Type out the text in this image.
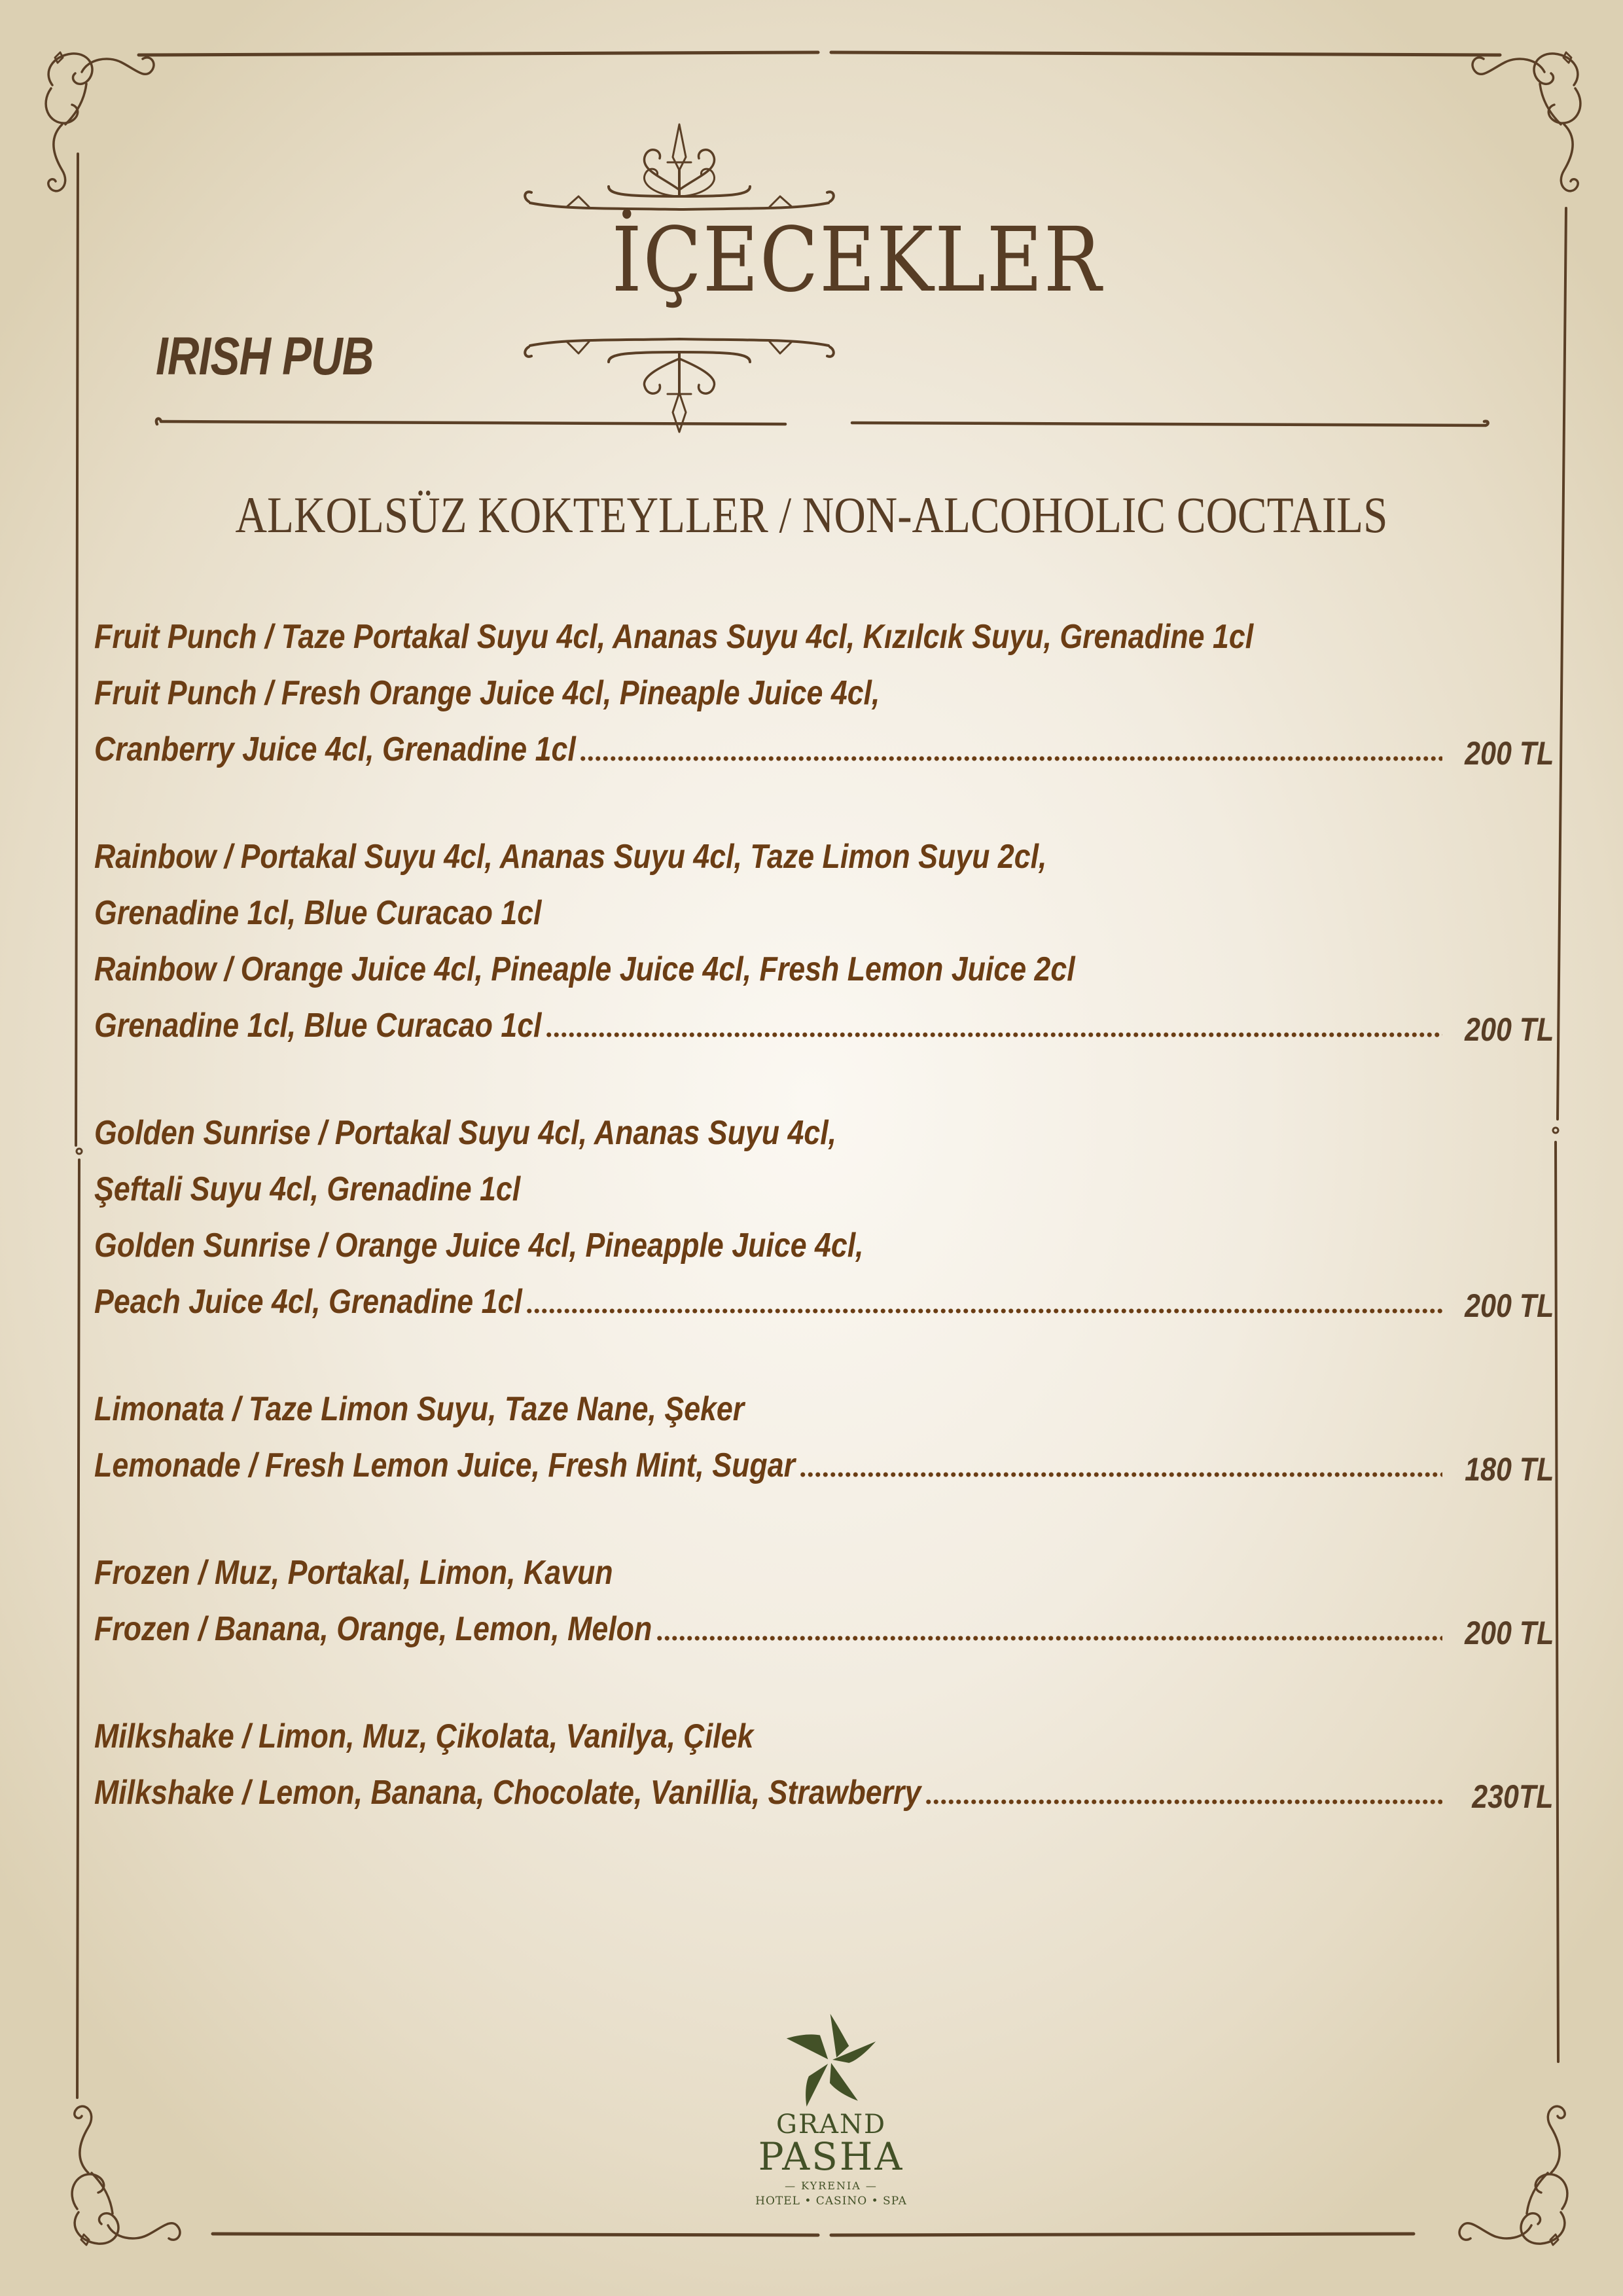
İÇECEKLER
IRISH PUB
ALKOLSÜZ KOKTEYLLER / NON-ALCOHOLIC COCTAILS
Fruit Punch / Taze Portakal Suyu 4cl, Ananas Suyu 4cl, Kızılcık Suyu, Grenadine 1cl
Fruit Punch / Fresh Orange Juice 4cl, Pineaple Juice 4cl,
Cranberry Juice 4cl, Grenadine 1cl	200 TL
Rainbow / Portakal Suyu 4cl, Ananas Suyu 4cl, Taze Limon Suyu 2cl,
Grenadine 1cl, Blue Curacao 1cl
Rainbow / Orange Juice 4cl, Pineaple Juice 4cl, Fresh Lemon Juice 2cl
Grenadine 1cl, Blue Curacao 1cl	200 TL
Golden Sunrise / Portakal Suyu 4cl, Ananas Suyu 4cl,
Şeftali Suyu 4cl, Grenadine 1cl
Golden Sunrise / Orange Juice 4cl, Pineapple Juice 4cl,
Peach Juice 4cl, Grenadine 1cl	200 TL
Limonata / Taze Limon Suyu, Taze Nane, Şeker
Lemonade / Fresh Lemon Juice, Fresh Mint, Sugar	180 TL
Frozen / Muz, Portakal, Limon, Kavun
Frozen / Banana, Orange, Lemon, Melon	200 TL
Milkshake / Limon, Muz, Çikolata, Vanilya, Çilek
Milkshake / Lemon, Banana, Chocolate, Vanillia, Strawberry	230TL
GRAND
PASHA
— KYRENIA —
HOTEL • CASINO • SPA
